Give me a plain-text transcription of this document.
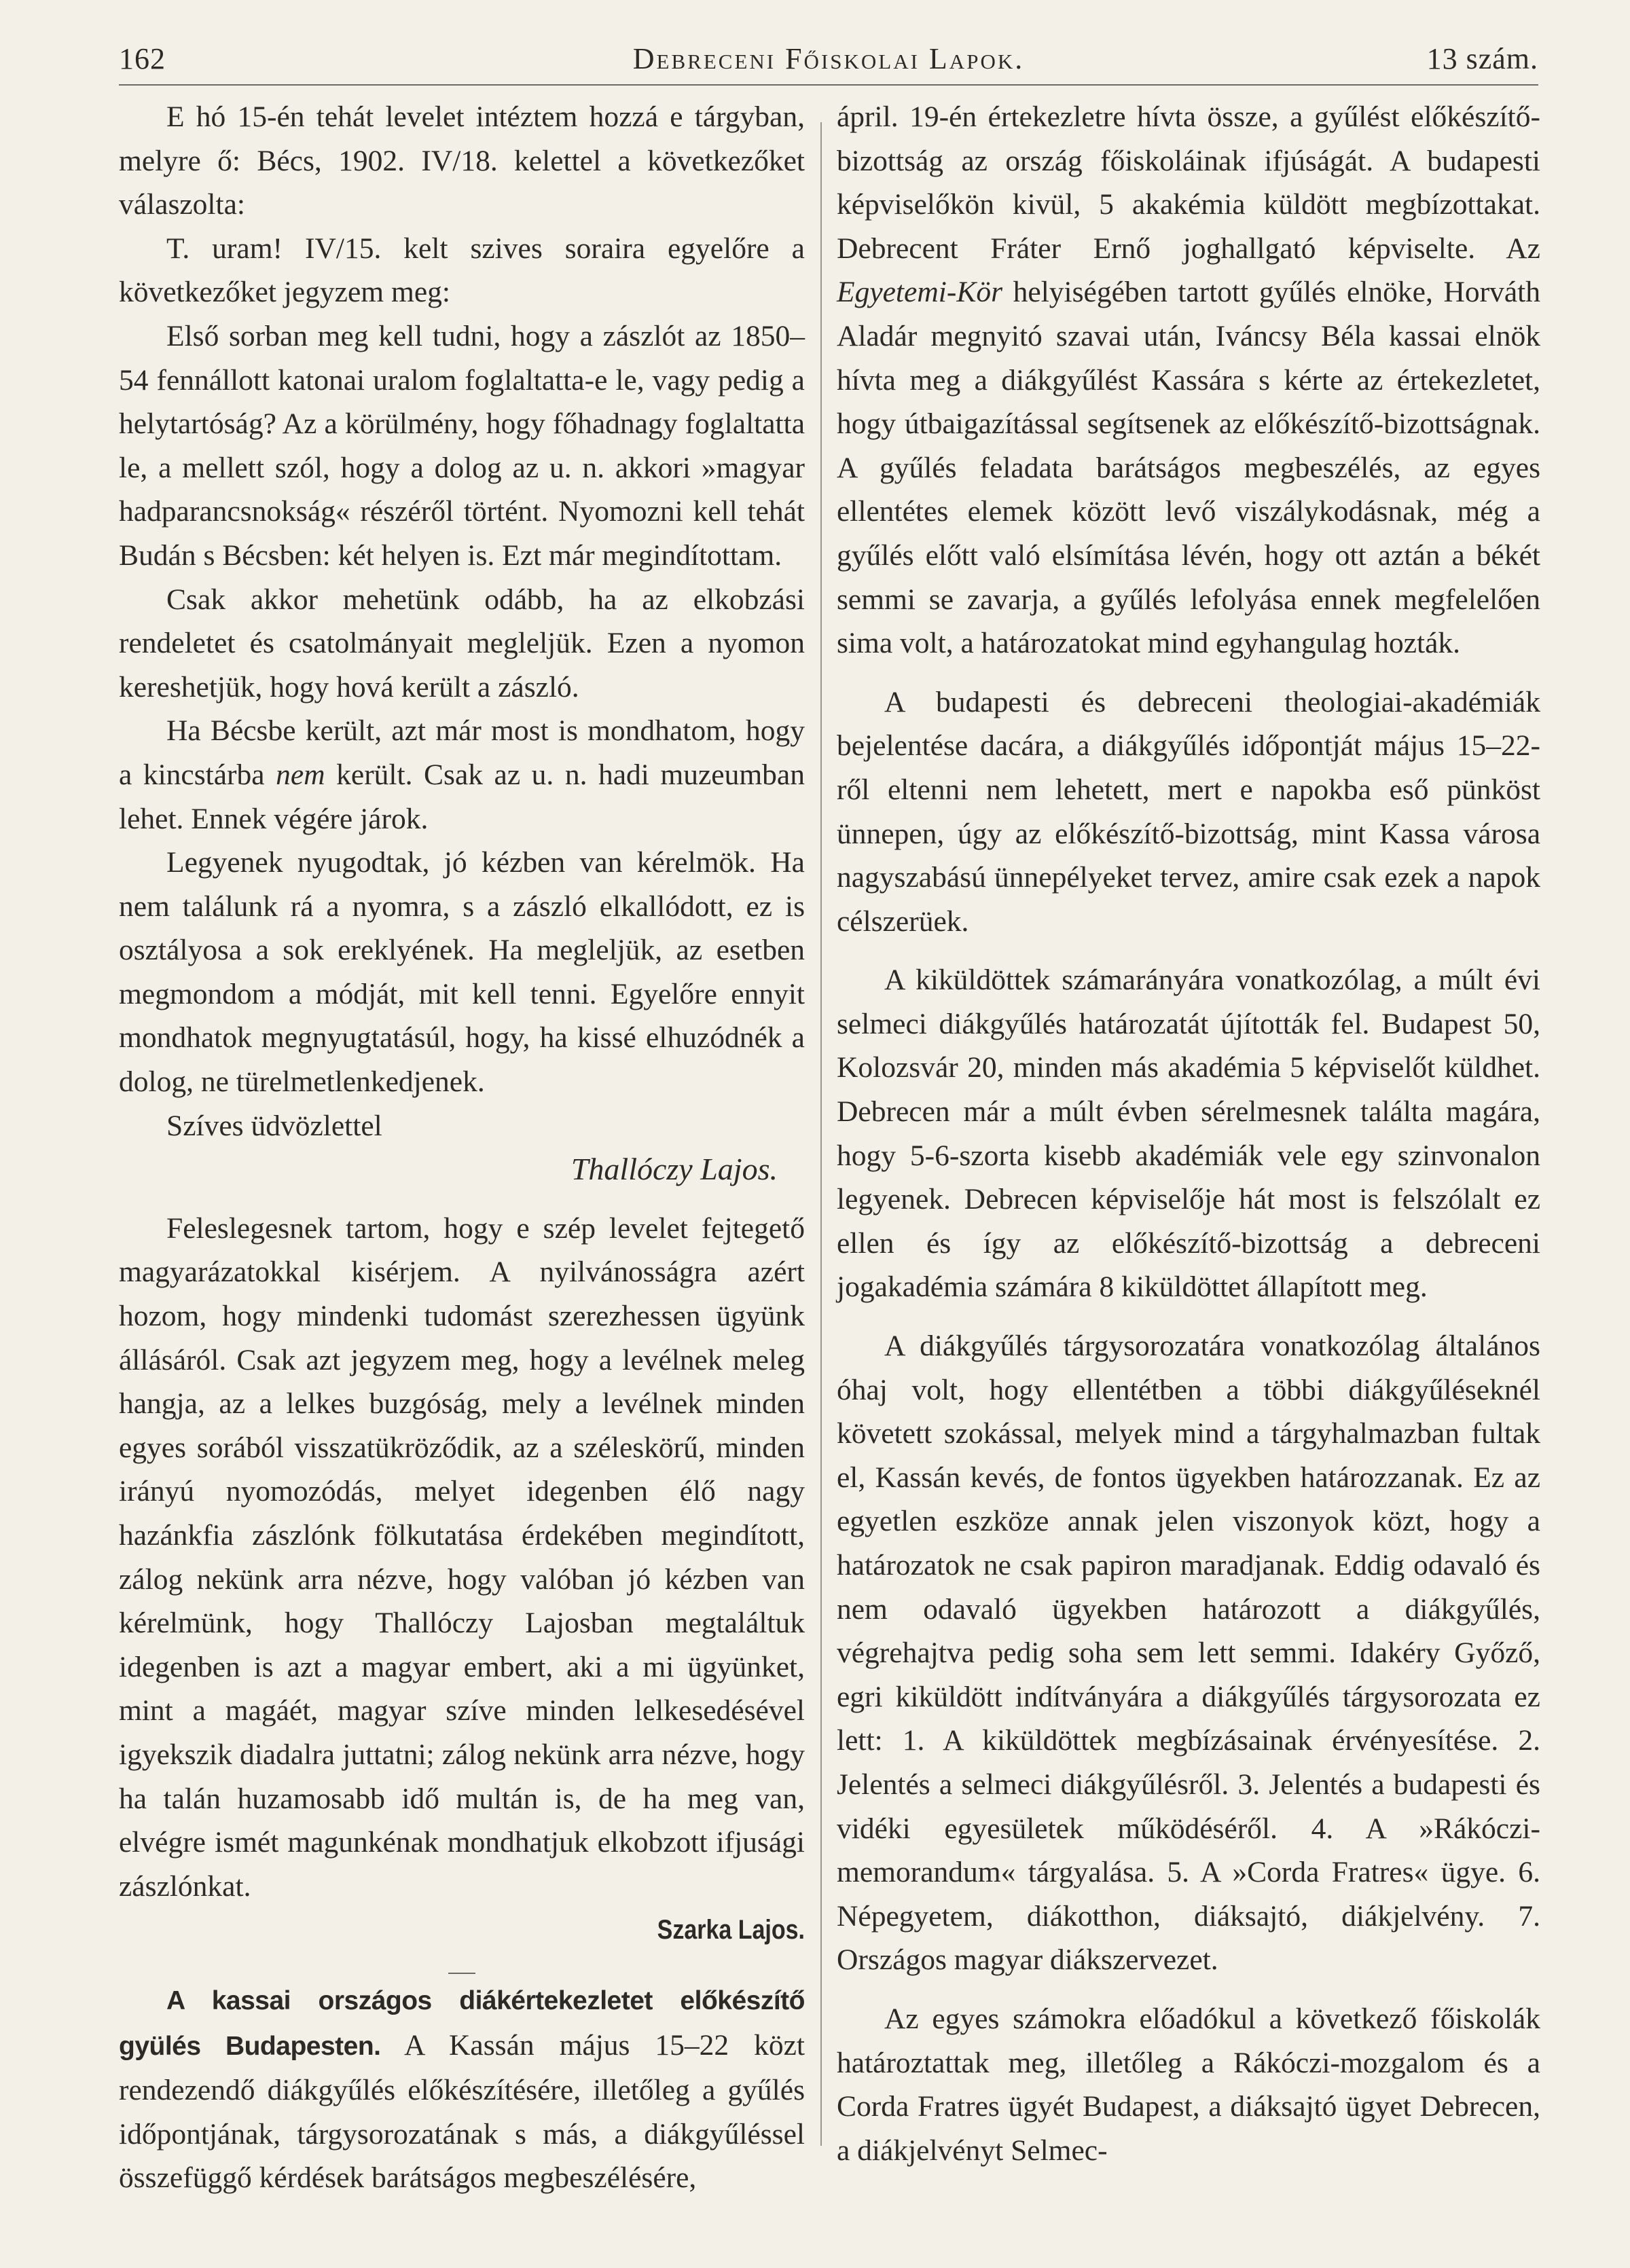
162	Debreceni Főiskolai Lapok.	13 szám.

E hó 15-én tehát levelet intéztem hozzá e tárgyban, melyre ő: Bécs, 1902. IV/18. kelettel a következőket válaszolta:

T. uram! IV/15. kelt szives soraira egyelőre a következőket jegyzem meg:

Első sorban meg kell tudni, hogy a zászlót az 1850–54 fennállott katonai uralom foglaltatta-e le, vagy pedig a helytartóság? Az a körülmény, hogy főhadnagy foglaltatta le, a mellett szól, hogy a dolog az u. n. akkori »magyar hadparancsnokság« részéről történt. Nyomozni kell tehát Budán s Bécsben: két helyen is. Ezt már megindítottam.

Csak akkor mehetünk odább, ha az elkobzási rendeletet és csatolmányait megleljük. Ezen a nyomon kereshetjük, hogy hová került a zászló.

Ha Bécsbe került, azt már most is mondhatom, hogy a kincstárba nem került. Csak az u. n. hadi muzeumban lehet. Ennek végére járok.

Legyenek nyugodtak, jó kézben van kérelmök. Ha nem találunk rá a nyomra, s a zászló elkallódott, ez is osztályosa a sok ereklyének. Ha megleljük, az esetben megmondom a módját, mit kell tenni. Egyelőre ennyit mondhatok megnyugtatásúl, hogy, ha kissé elhuzódnék a dolog, ne türelmetlenkedjenek.

Szíves üdvözlettel

Thallóczy Lajos.

Feleslegesnek tartom, hogy e szép levelet fejtegető magyarázatokkal kisérjem. A nyilvánosságra azért hozom, hogy mindenki tudomást szerezhessen ügyünk állásáról. Csak azt jegyzem meg, hogy a levélnek meleg hangja, az a lelkes buzgóság, mely a levélnek minden egyes sorából visszatükröződik, az a széleskörű, minden irányú nyomozódás, melyet idegenben élő nagy hazánkfia zászlónk fölkutatása érdekében megindított, zálog nekünk arra nézve, hogy valóban jó kézben van kérelmünk, hogy Thallóczy Lajosban megtaláltuk idegenben is azt a magyar embert, aki a mi ügyünket, mint a magáét, magyar szíve minden lelkesedésével igyekszik diadalra juttatni; zálog nekünk arra nézve, hogy ha talán huzamosabb idő multán is, de ha meg van, elvégre ismét magunkénak mondhatjuk elkobzott ifjusági zászlónkat.

Szarka Lajos.

A kassai országos diákértekezletet előkészítő gyülés Budapesten. A Kassán május 15–22 közt rendezendő diákgyűlés előkészítésére, illetőleg a gyűlés időpontjának, tárgysorozatának s más, a diákgyűléssel összefüggő kérdések barátságos megbeszélésére,

ápril. 19-én értekezletre hívta össze, a gyűlést előkészítő-bizottság az ország főiskoláinak ifjúságát. A budapesti képviselőkön kivül, 5 akakémia küldött megbízottakat. Debrecent Fráter Ernő joghallgató képviselte. Az Egyetemi-Kör helyiségében tartott gyűlés elnöke, Horváth Aladár megnyitó szavai után, Iváncsy Béla kassai elnök hívta meg a diákgyűlést Kassára s kérte az értekezletet, hogy útbaigazítással segítsenek az előkészítő-bizottságnak. A gyűlés feladata barátságos megbeszélés, az egyes ellentétes elemek között levő viszálykodásnak, még a gyűlés előtt való elsímítása lévén, hogy ott aztán a békét semmi se zavarja, a gyűlés lefolyása ennek megfelelően sima volt, a határozatokat mind egyhangulag hozták.

A budapesti és debreceni theologiai-akadémiák bejelentése dacára, a diákgyűlés időpontját május 15–22-ről eltenni nem lehetett, mert e napokba eső pünköst ünnepen, úgy az előkészítő-bizottság, mint Kassa városa nagyszabású ünnepélyeket tervez, amire csak ezek a napok célszerüek.

A kiküldöttek számarányára vonatkozólag, a múlt évi selmeci diákgyűlés határozatát újították fel. Budapest 50, Kolozsvár 20, minden más akadémia 5 képviselőt küldhet. Debrecen már a múlt évben sérelmesnek találta magára, hogy 5-6-szorta kisebb akadémiák vele egy szinvonalon legyenek. Debrecen képviselője hát most is felszólalt ez ellen és így az előkészítő-bizottság a debreceni jogakadémia számára 8 kiküldöttet állapított meg.

A diákgyűlés tárgysorozatára vonatkozólag általános óhaj volt, hogy ellentétben a többi diákgyűléseknél követett szokással, melyek mind a tárgyhalmazban fultak el, Kassán kevés, de fontos ügyekben határozzanak. Ez az egyetlen eszköze annak jelen viszonyok közt, hogy a határozatok ne csak papiron maradjanak. Eddig odavaló és nem odavaló ügyekben határozott a diákgyűlés, végrehajtva pedig soha sem lett semmi. Idakéry Győző, egri kiküldött indítványára a diákgyűlés tárgysorozata ez lett: 1. A kiküldöttek megbízásainak érvényesítése. 2. Jelentés a selmeci diákgyűlésről. 3. Jelentés a budapesti és vidéki egyesületek működéséről. 4. A »Rákóczi-memorandum« tárgyalása. 5. A »Corda Fratres« ügye. 6. Népegyetem, diákotthon, diáksajtó, diákjelvény. 7. Országos magyar diákszervezet.

Az egyes számokra előadókul a következő főiskolák határoztattak meg, illetőleg a Rákóczi-mozgalom és a Corda Fratres ügyét Budapest, a diáksajtó ügyet Debrecen, a diákjelvényt Selmec-
